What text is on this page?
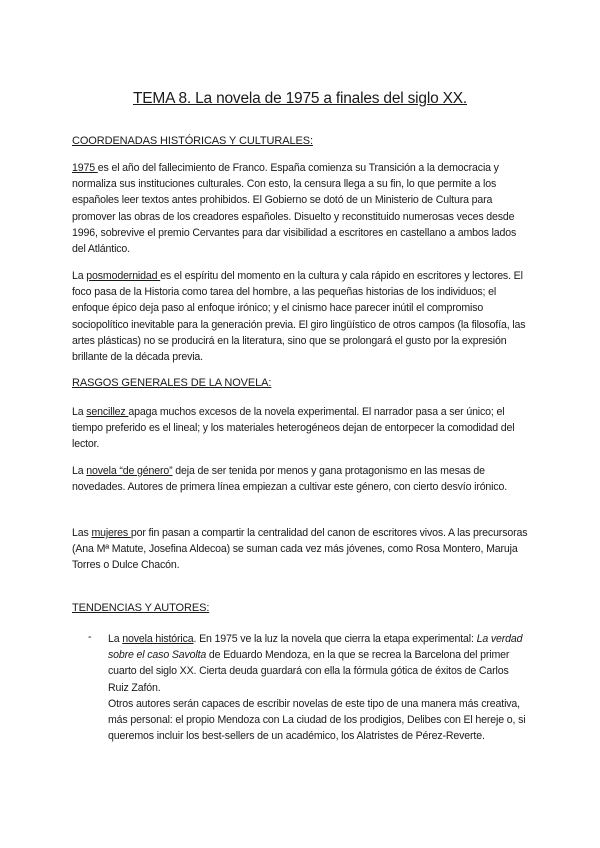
TEMA 8. La novela de 1975 a finales del siglo XX.
COORDENADAS HISTÓRICAS Y CULTURALES:

1975 es el año del fallecimiento de Franco. España comienza su Transición a la democracia y normaliza sus instituciones culturales. Con esto, la censura llega a su fin, lo que permite a los españoles leer textos antes prohibidos. El Gobierno se dotó de un Ministerio de Cultura para promover las obras de los creadores españoles. Disuelto y reconstituido numerosas veces desde 1996, sobrevive el premio Cervantes para dar visibilidad a escritores en castellano a ambos lados del Atlántico.

La posmodernidad es el espíritu del momento en la cultura y cala rápido en escritores y lectores. El foco pasa de la Historia como tarea del hombre, a las pequeñas historias de los individuos; el enfoque épico deja paso al enfoque irónico; y el cinismo hace parecer inútil el compromiso sociopolítico inevitable para la generación previa. El giro lingüístico de otros campos (la filosofía, las artes plásticas) no se producirá en la literatura, sino que se prolongará el gusto por la expresión brillante de la década previa.

RASGOS GENERALES DE LA NOVELA:

La sencillez apaga muchos excesos de la novela experimental. El narrador pasa a ser único; el tiempo preferido es el lineal; y los materiales heterogéneos dejan de entorpecer la comodidad del lector.

La novela “de género” deja de ser tenida por menos y gana protagonismo en las mesas de novedades. Autores de primera línea empiezan a cultivar este género, con cierto desvío irónico.

Las mujeres por fin pasan a compartir la centralidad del canon de escritores vivos. A las precursoras (Ana Mª Matute, Josefina Aldecoa) se suman cada vez más jóvenes, como Rosa Montero, Maruja Torres o Dulce Chacón.

TENDENCIAS Y AUTORES:
- La novela histórica. En 1975 ve la luz la novela que cierra la etapa experimental: La verdad sobre el caso Savolta de Eduardo Mendoza, en la que se recrea la Barcelona del primer cuarto del siglo XX. Cierta deuda guardará con ella la fórmula gótica de éxitos de Carlos Ruiz Zafón.
Otros autores serán capaces de escribir novelas de este tipo de una manera más creativa, más personal: el propio Mendoza con La ciudad de los prodigios, Delibes con El hereje o, si queremos incluir los best-sellers de un académico, los Alatristes de Pérez-Reverte.
